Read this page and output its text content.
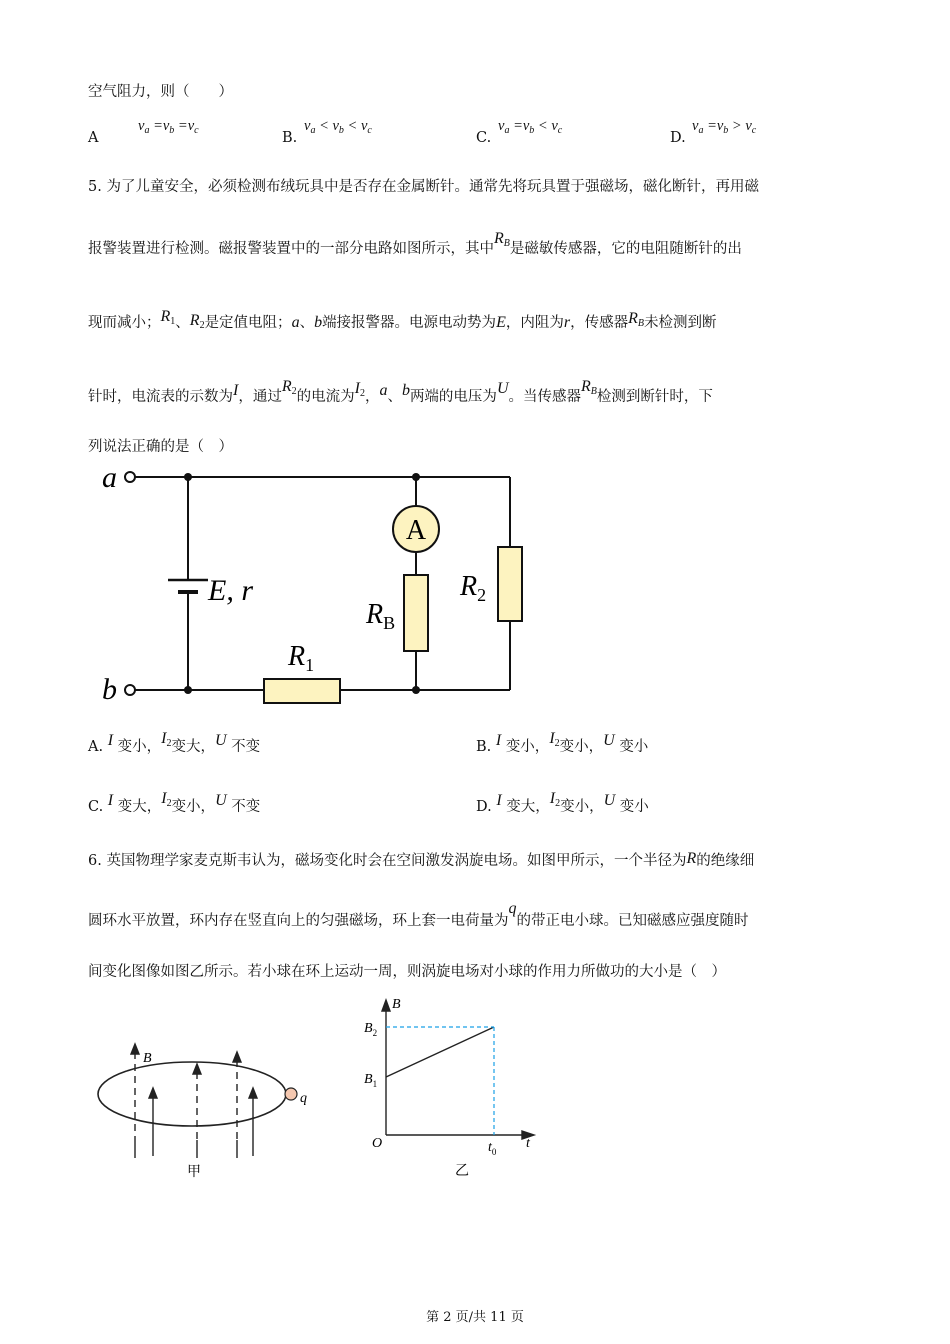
空气阻力，则（　　）
A
$v_a =v_b =v_c$	B.
$v_a < v_b < v_c$	C.
$v_a =v_b < v_c$	D.
$v_a =v_b > v_c$
5. 为了儿童安全，必须检测布绒玩具中是否存在金属断针。通常先将玩具置于强磁场，磁化断针，再用磁
报警装置进行检测。磁报警装置中的一部分电路如图所示，其中RB是磁敏传感器，它的电阻随断针的出
现而减小；$R_1$、$R_2$是定值电阻；a、b端接报警器。电源电动势为E，内阻为r，传感器RB未检测到断
针时，电流表的示数为I，通过$R_2$的电流为$I_2$，a、b两端的电压为U。当传感器RB检测到断针时，下
列说法正确的是（　）
A
a
b
E, r
$R_B$
$R_2$
$R_1$
A. I 变小，$I_2$变大，U 不变	B. I 变小，$I_2$变小，U 变小
C. I 变大，$I_2$变小，U 不变	D. I 变大，$I_2$变小，U 变小
6. 英国物理学家麦克斯韦认为，磁场变化时会在空间激发涡旋电场。如图甲所示，一个半径为R的绝缘细
圆环水平放置，环内存在竖直向上的匀强磁场，环上套一电荷量为q的带正电小球。已知磁感应强度随时
间变化图像如图乙所示。若小球在环上运动一周，则涡旋电场对小球的作用力所做功的大小是（　）
B
q
甲
B
t
O
$B_1$
$B_2$
$t_0$
乙
第 2 页/共 11 页
